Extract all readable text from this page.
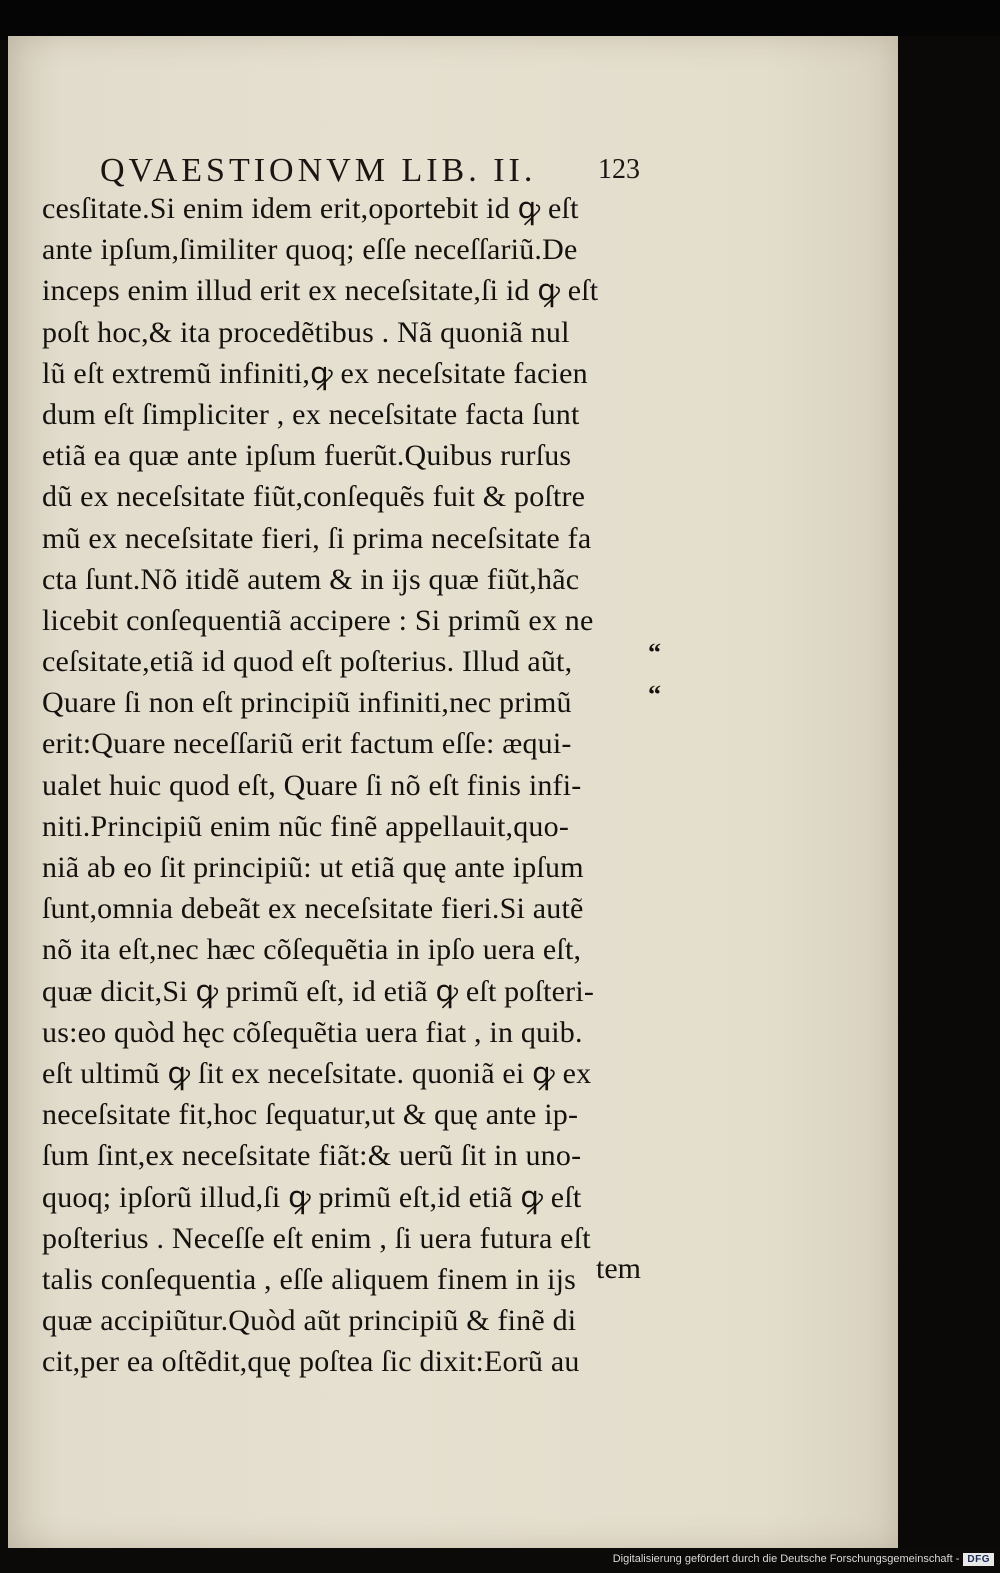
QVAESTIONVM LIB. II. 123
cesſitate.Si enim idem erit,oportebit id ꝙ eſt
ante ipſum,ſimiliter quoq; eſſe neceſſariũ.De
inceps enim illud erit ex neceſsitate,ſi id ꝙ eſt
poſt hoc,& ita procedẽtibus . Nã quoniã nul
lũ eſt extremũ infiniti,ꝙ ex neceſsitate facien
dum eſt ſimpliciter , ex neceſsitate facta ſunt
etiã ea quæ ante ipſum fuerũt.Quibus rurſus
dũ ex neceſsitate fiũt,conſequẽs fuit & poſtre
mũ ex neceſsitate fieri, ſi prima neceſsitate fa
cta ſunt.Nõ itidẽ autem & in ijs quæ fiũt,hãc
licebit conſequentiã accipere : Si primũ ex ne
ceſsitate,etiã id quod eſt poſterius. Illud aũt,
Quare ſi non eſt principiũ infiniti,nec primũ
erit:Quare neceſſariũ erit factum eſſe: æqui-
ualet huic quod eſt, Quare ſi nõ eſt finis infi-
niti.Principiũ enim nũc finẽ appellauit,quo-
niã ab eo ſit principiũ: ut etiã quę ante ipſum
ſunt,omnia debeãt ex neceſsitate fieri.Si autẽ
nõ ita eſt,nec hæc cõſequẽtia in ipſo uera eſt,
quæ dicit,Si ꝙ primũ eſt, id etiã ꝙ eſt poſteri-
us:eo quòd hęc cõſequẽtia uera fiat , in quib.
eſt ultimũ ꝙ ſit ex neceſsitate. quoniã ei ꝙ ex
neceſsitate fit,hoc ſequatur,ut & quę ante ip-
ſum ſint,ex neceſsitate fiãt:& uerũ ſit in uno-
quoq; ipſorũ illud,ſi ꝙ primũ eſt,id etiã ꝙ eſt
poſterius . Neceſſe eſt enim , ſi uera futura eſt
talis conſequentia , eſſe aliquem finem in ijs
quæ accipiũtur.Quòd aũt principiũ & finẽ di
cit,per ea oſtẽdit,quę poſtea ſic dixit:Eorũ au
“
“
tem
Digitalisierung gefördert durch die Deutsche Forschungsgemeinschaft - DFG
